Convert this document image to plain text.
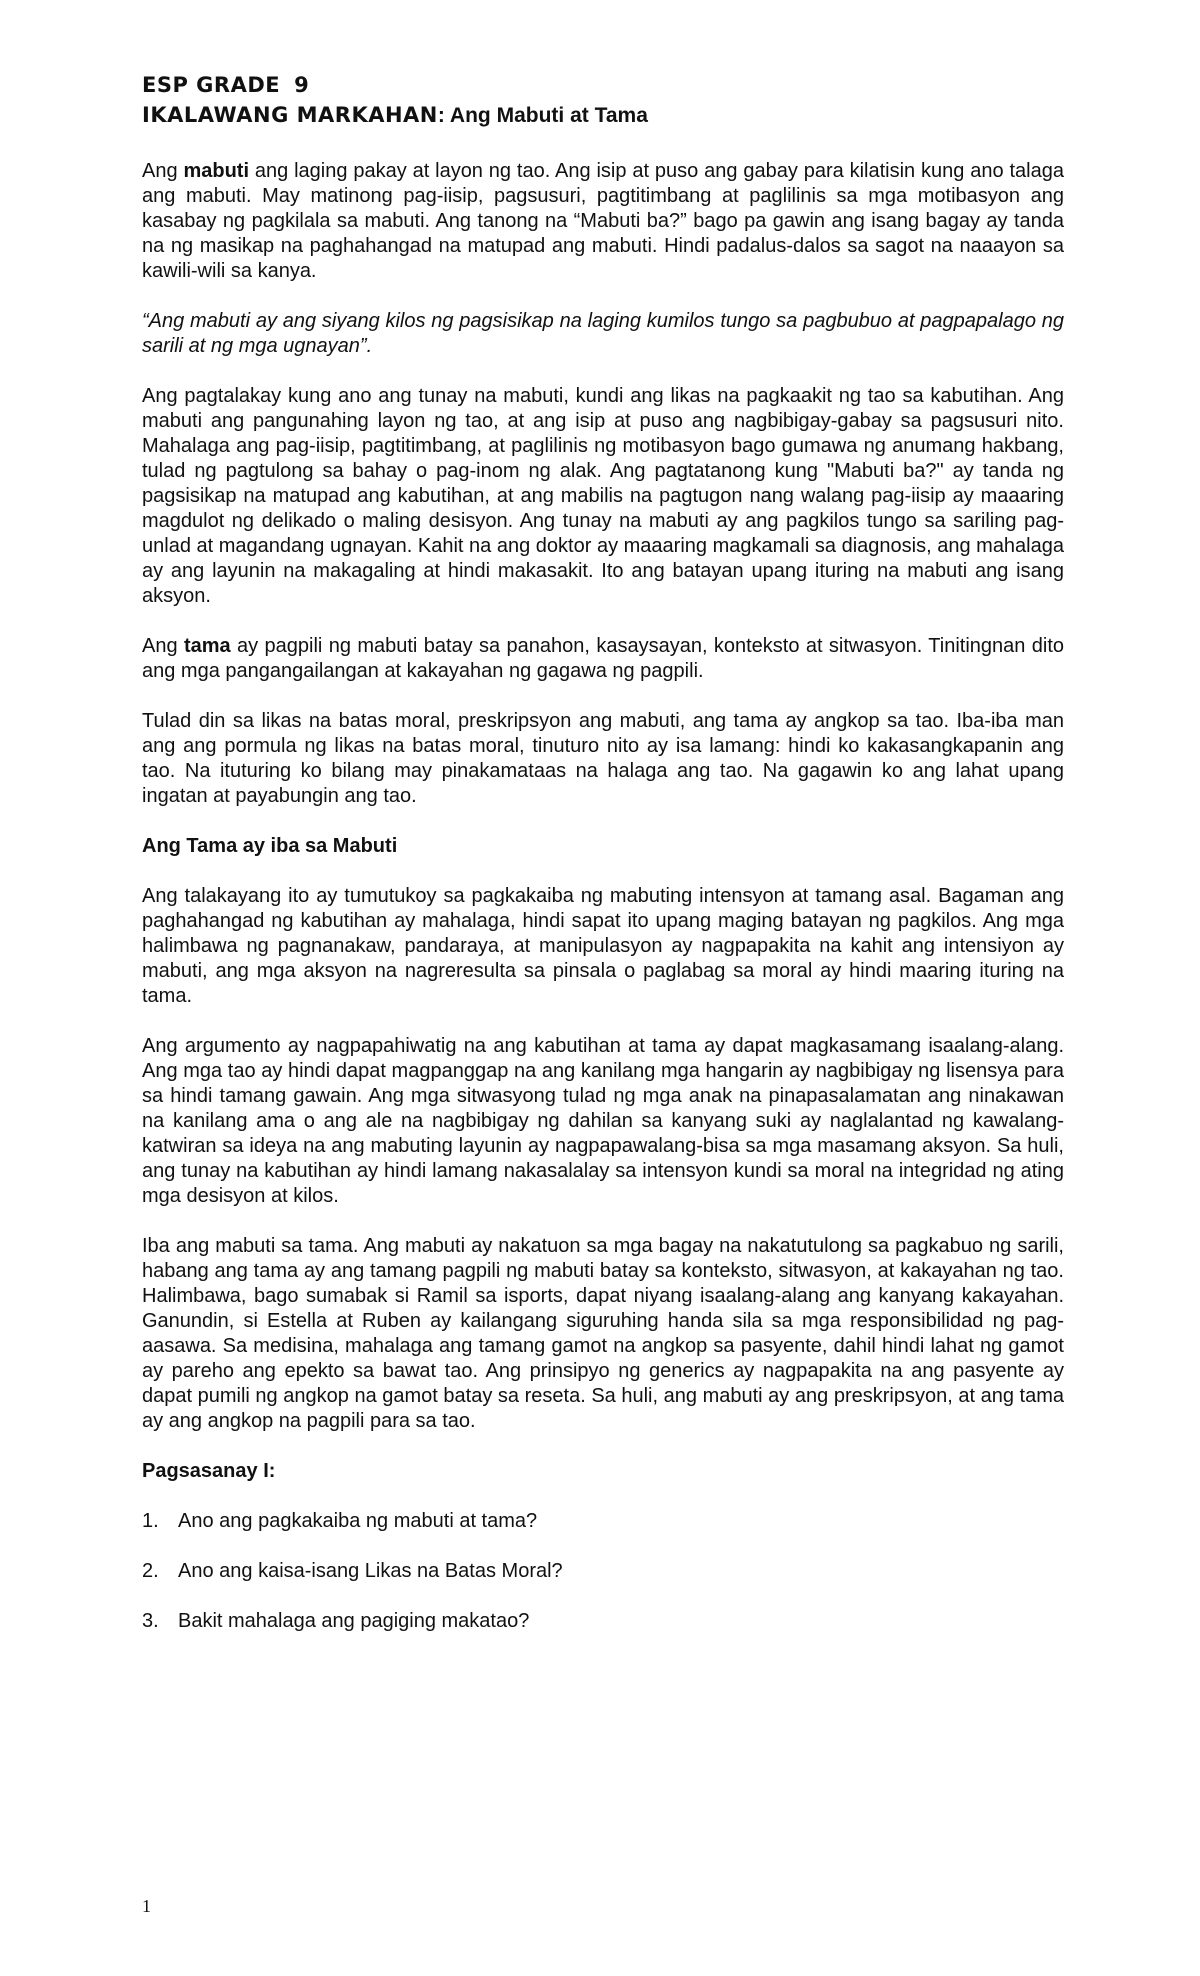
ESP GRADE 9
IKALAWANG MARKAHAN: Ang Mabuti at Tama

Ang mabuti ang laging pakay at layon ng tao. Ang isip at puso ang gabay para kilatisin kung ano talaga ang mabuti. May matinong pag-iisip, pagsusuri, pagtitimbang at paglilinis sa mga motibasyon ang kasabay ng pagkilala sa mabuti. Ang tanong na “Mabuti ba?” bago pa gawin ang isang bagay ay tanda na ng masikap na paghahangad na matupad ang mabuti. Hindi padalus-dalos sa sagot na naaayon sa kawili-wili sa kanya.

“Ang mabuti ay ang siyang kilos ng pagsisikap na laging kumilos tungo sa pagbubuo at pagpapalago ng sarili at ng mga ugnayan”.

Ang pagtalakay kung ano ang tunay na mabuti, kundi ang likas na pagkaakit ng tao sa kabutihan. Ang mabuti ang pangunahing layon ng tao, at ang isip at puso ang nagbibigay-gabay sa pagsusuri nito. Mahalaga ang pag-iisip, pagtitimbang, at paglilinis ng motibasyon bago gumawa ng anumang hakbang, tulad ng pagtulong sa bahay o pag-inom ng alak. Ang pagtatanong kung "Mabuti ba?" ay tanda ng pagsisikap na matupad ang kabutihan, at ang mabilis na pagtugon nang walang pag-iisip ay maaaring magdulot ng delikado o maling desisyon. Ang tunay na mabuti ay ang pagkilos tungo sa sariling pag-unlad at magandang ugnayan. Kahit na ang doktor ay maaaring magkamali sa diagnosis, ang mahalaga ay ang layunin na makagaling at hindi makasakit. Ito ang batayan upang ituring na mabuti ang isang aksyon.

Ang tama ay pagpili ng mabuti batay sa panahon, kasaysayan, konteksto at sitwasyon. Tinitingnan dito ang mga pangangailangan at kakayahan ng gagawa ng pagpili.

Tulad din sa likas na batas moral, preskripsyon ang mabuti, ang tama ay angkop sa tao. Iba-iba man ang ang pormula ng likas na batas moral, tinuturo nito ay isa lamang: hindi ko kakasangkapanin ang tao. Na ituturing ko bilang may pinakamataas na halaga ang tao. Na gagawin ko ang lahat upang ingatan at payabungin ang tao.

Ang Tama ay iba sa Mabuti

Ang talakayang ito ay tumutukoy sa pagkakaiba ng mabuting intensyon at tamang asal. Bagaman ang paghahangad ng kabutihan ay mahalaga, hindi sapat ito upang maging batayan ng pagkilos. Ang mga halimbawa ng pagnanakaw, pandaraya, at manipulasyon ay nagpapakita na kahit ang intensiyon ay mabuti, ang mga aksyon na nagreresulta sa pinsala o paglabag sa moral ay hindi maaring ituring na tama.

Ang argumento ay nagpapahiwatig na ang kabutihan at tama ay dapat magkasamang isaalang-alang. Ang mga tao ay hindi dapat magpanggap na ang kanilang mga hangarin ay nagbibigay ng lisensya para sa hindi tamang gawain. Ang mga sitwasyong tulad ng mga anak na pinapasalamatan ang ninakawan na kanilang ama o ang ale na nagbibigay ng dahilan sa kanyang suki ay naglalantad ng kawalang-katwiran sa ideya na ang mabuting layunin ay nagpapawalang-bisa sa mga masamang aksyon. Sa huli, ang tunay na kabutihan ay hindi lamang nakasalalay sa intensyon kundi sa moral na integridad ng ating mga desisyon at kilos.

Iba ang mabuti sa tama. Ang mabuti ay nakatuon sa mga bagay na nakatutulong sa pagkabuo ng sarili, habang ang tama ay ang tamang pagpili ng mabuti batay sa konteksto, sitwasyon, at kakayahan ng tao. Halimbawa, bago sumabak si Ramil sa isports, dapat niyang isaalang-alang ang kanyang kakayahan. Ganundin, si Estella at Ruben ay kailangang siguruhing handa sila sa mga responsibilidad ng pag-aasawa. Sa medisina, mahalaga ang tamang gamot na angkop sa pasyente, dahil hindi lahat ng gamot ay pareho ang epekto sa bawat tao. Ang prinsipyo ng generics ay nagpapakita na ang pasyente ay dapat pumili ng angkop na gamot batay sa reseta. Sa huli, ang mabuti ay ang preskripsyon, at ang tama ay ang angkop na pagpili para sa tao.

Pagsasanay I:
1. Ano ang pagkakaiba ng mabuti at tama?
2. Ano ang kaisa-isang Likas na Batas Moral?
3. Bakit mahalaga ang pagiging makatao?
1
